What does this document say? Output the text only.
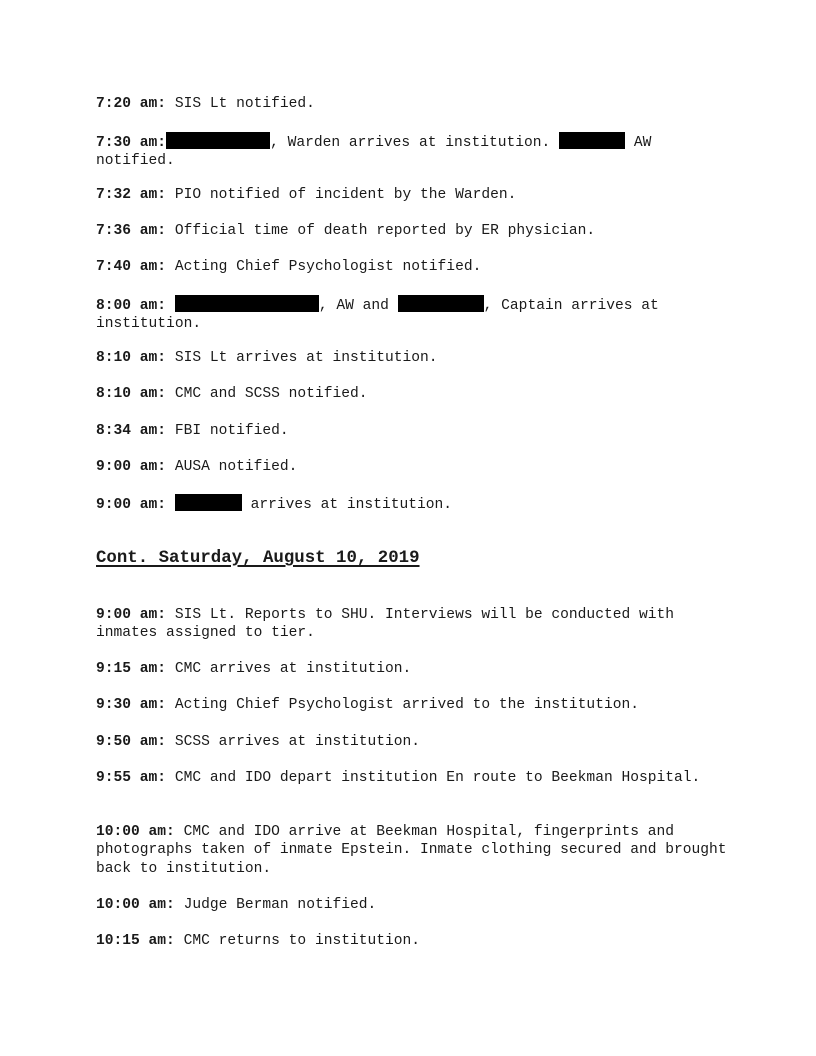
7:20 am: SIS Lt notified.

7:30 am:	, Warden arrives at institution.	AW notified.

7:32 am: PIO notified of incident by the Warden.

7:36 am: Official time of death reported by ER physician.

7:40 am: Acting Chief Psychologist notified.

8:00 am:	, AW and	, Captain arrives at institution.

8:10 am: SIS Lt arrives at institution.

8:10 am: CMC and SCSS notified.

8:34 am: FBI notified.

9:00 am: AUSA notified.

9:00 am:	arrives at institution.

Cont. Saturday, August 10, 2019

9:00 am: SIS Lt. Reports to SHU. Interviews will be conducted with inmates assigned to tier.

9:15 am: CMC arrives at institution.

9:30 am: Acting Chief Psychologist arrived to the institution.

9:50 am: SCSS arrives at institution.

9:55 am: CMC and IDO depart institution En route to Beekman Hospital.

10:00 am: CMC and IDO arrive at Beekman Hospital, fingerprints and photographs taken of inmate Epstein. Inmate clothing secured and brought back to institution.

10:00 am: Judge Berman notified.

10:15 am: CMC returns to institution.
